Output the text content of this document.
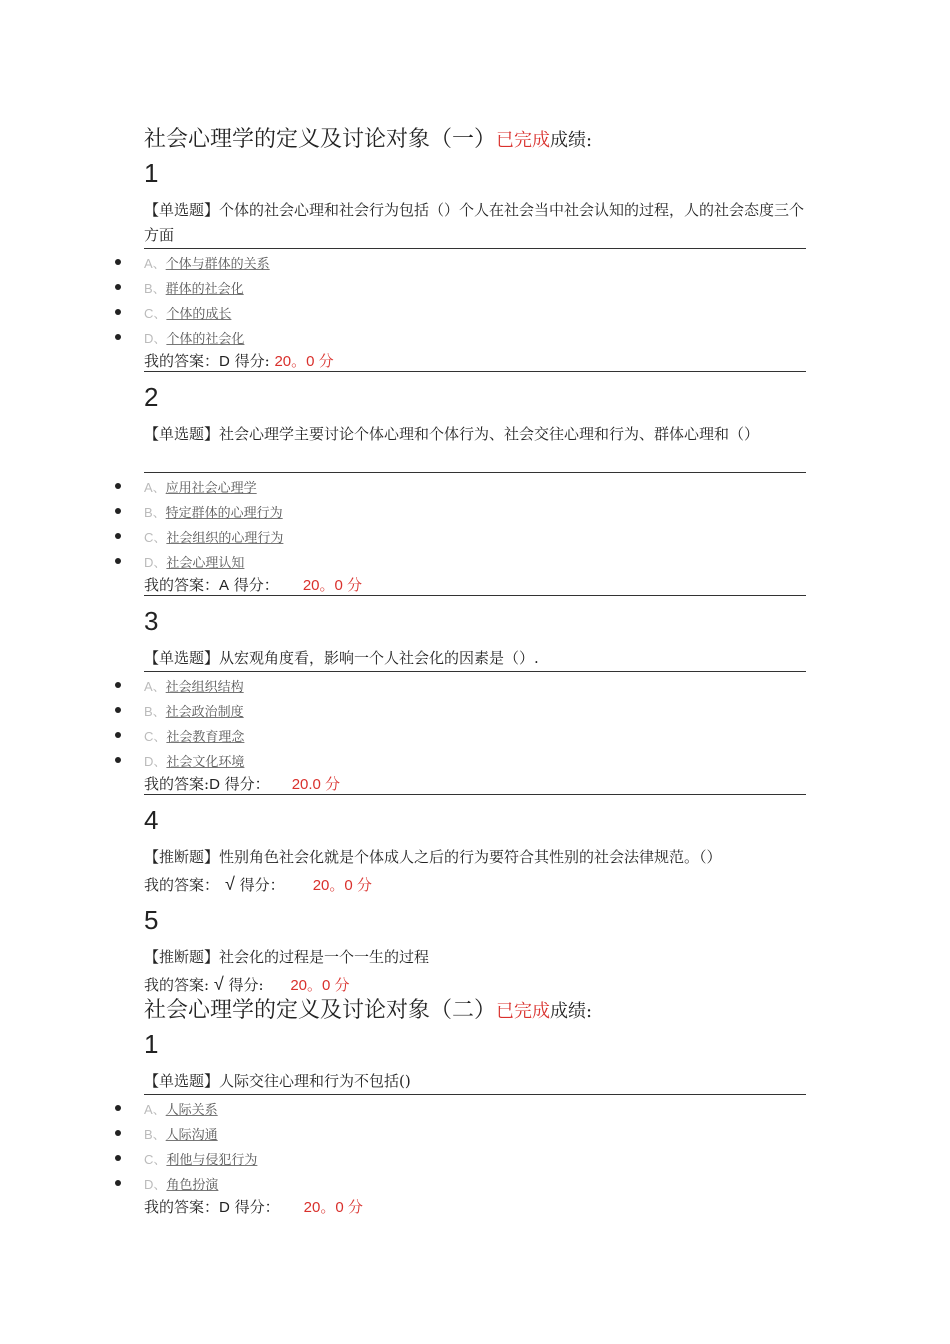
社会心理学的定义及讨论对象（一）已完成成绩:
1
【单选题】个体的社会心理和社会行为包括（）个人在社会当中社会认知的过程，人的社会态度三个方面
A、个体与群体的关系
B、群体的社会化
C、个体的成长
D、个体的社会化
我的答案：D 得分: 20。0 分
2
【单选题】社会心理学主要讨论个体心理和个体行为、社会交往心理和行为、群体心理和（）
A、应用社会心理学
B、特定群体的心理行为
C、社会组织的心理行为
D、社会心理认知
我的答案：A 得分： 20。0 分
3
【单选题】从宏观角度看，影响一个人社会化的因素是（）.
A、社会组织结构
B、社会政治制度
C、社会教育理念
D、社会文化环境
我的答案:D 得分： 20.0 分
4
【推断题】性别角色社会化就是个体成人之后的行为要符合其性别的社会法律规范。（）
我的答案： √ 得分： 20。0 分
5
【推断题】社会化的过程是一个一生的过程
我的答案: √ 得分: 20。0 分
社会心理学的定义及讨论对象（二）已完成成绩:
1
【单选题】人际交往心理和行为不包括()
A、人际关系
B、人际沟通
C、利他与侵犯行为
D、角色扮演
我的答案：D 得分： 20。0 分
